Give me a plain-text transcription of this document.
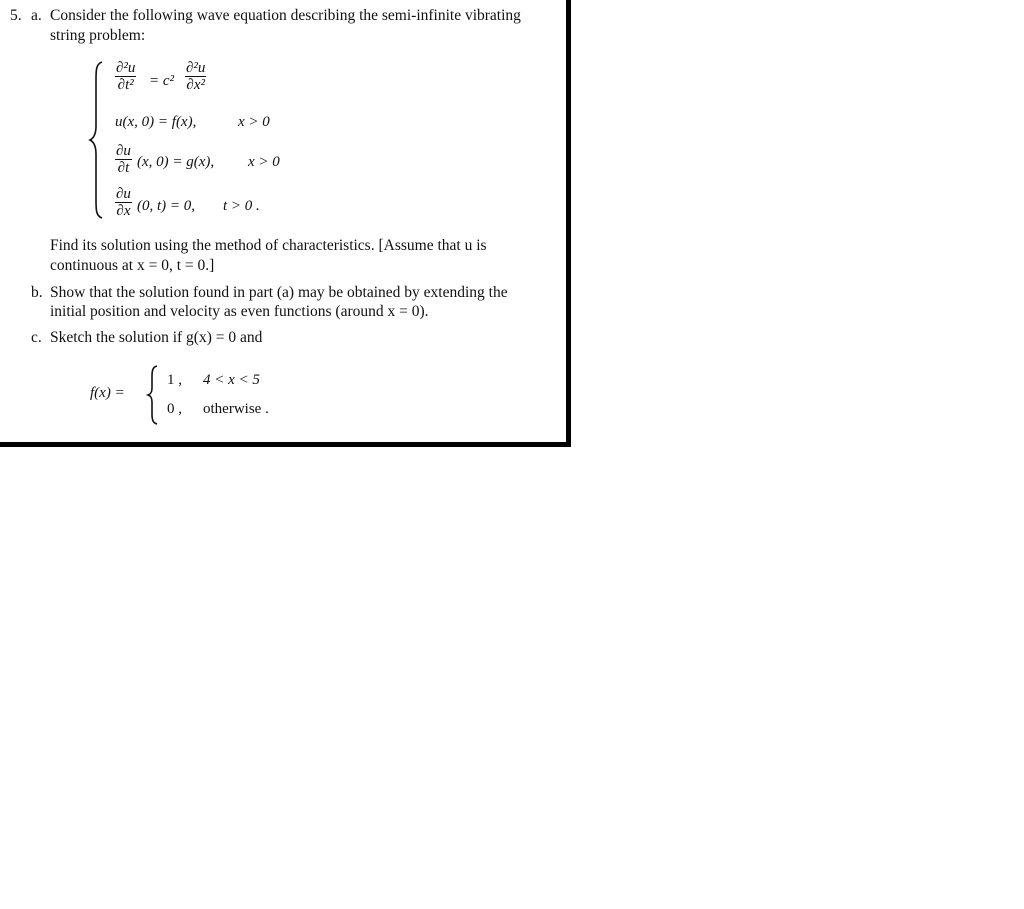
5. a. Consider the following wave equation describing the semi-infinite vibrating
string problem:
∂²u
∂t² = c²
∂²u
∂x²
u(x, 0) = f(x),	x > 0
∂u
∂t (x, 0) = g(x), x > 0
∂u
∂x (0, t) = 0, t > 0 .
Find its solution using the method of characteristics. [Assume that u is
continuous at x = 0, t = 0.]
b. Show that the solution found in part (a) may be obtained by extending the
initial position and velocity as even functions (around x = 0).
c. Sketch the solution if g(x) = 0 and
f(x) =
1 , 4 < x < 5
0 , otherwise .
